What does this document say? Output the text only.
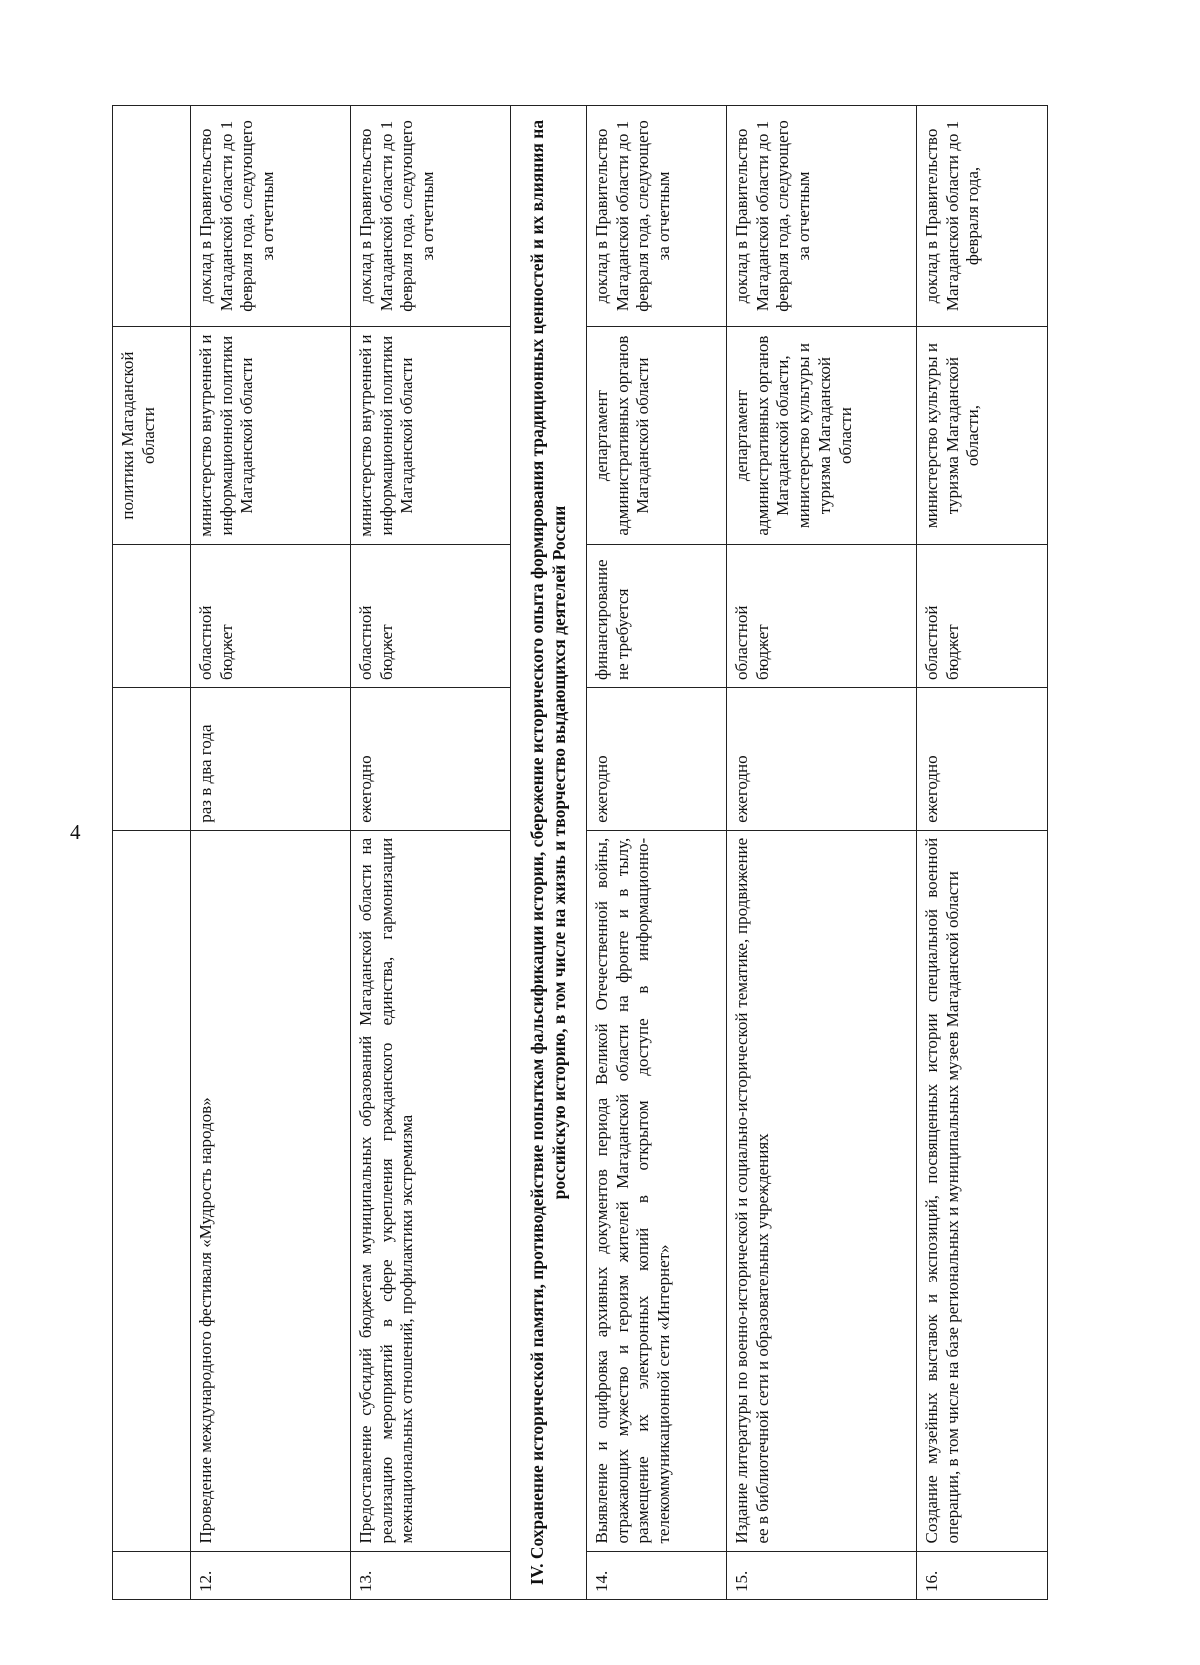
4
				политики Магаданской области	
12.	Проведение международного фестиваля «Мудрость народов»	раз в два года	областной бюджет	министерство внутренней и информационной политики Магаданской области	доклад в Правительство Магаданской области до 1 февраля года, следующего за отчетным
13.	Предоставление субсидий бюджетам муниципальных образований Магаданской области на реализацию мероприятий в сфере укрепления гражданского единства, гармонизации межнациональных отношений, профилактики экстремизма	ежегодно	областной бюджет	министерство внутренней и информационной политики Магаданской области	доклад в Правительство Магаданской области до 1 февраля года, следующего за отчетным
IV. Сохранение исторической памяти, противодействие попыткам фальсификации истории, сбережение исторического опыта формирования традиционных ценностей и их влияния на российскую историю, в том числе на жизнь и творчество выдающихся деятелей России					
14.	Выявление и оцифровка архивных документов периода Великой Отечественной войны, отражающих мужество и героизм жителей Магаданской области на фронте и в тылу, размещение их электронных копий в открытом доступе в информационно-телекоммуникационной сети «Интернет»	ежегодно	финансирование не требуется	департамент административных органов Магаданской области	доклад в Правительство Магаданской области до 1 февраля года, следующего за отчетным
15.	Издание литературы по военно-исторической и социально-исторической тематике, продвижение ее в библиотечной сети и образовательных учреждениях	ежегодно	областной бюджет	департамент административных органов Магаданской области, министерство культуры и туризма Магаданской области	доклад в Правительство Магаданской области до 1 февраля года, следующего за отчетным
16.	Создание музейных выставок и экспозиций, посвященных истории специальной военной операции, в том числе на базе региональных и муниципальных музеев Магаданской области	ежегодно	областной бюджет	министерство культуры и туризма Магаданской области,	доклад в Правительство Магаданской области до 1 февраля года,
